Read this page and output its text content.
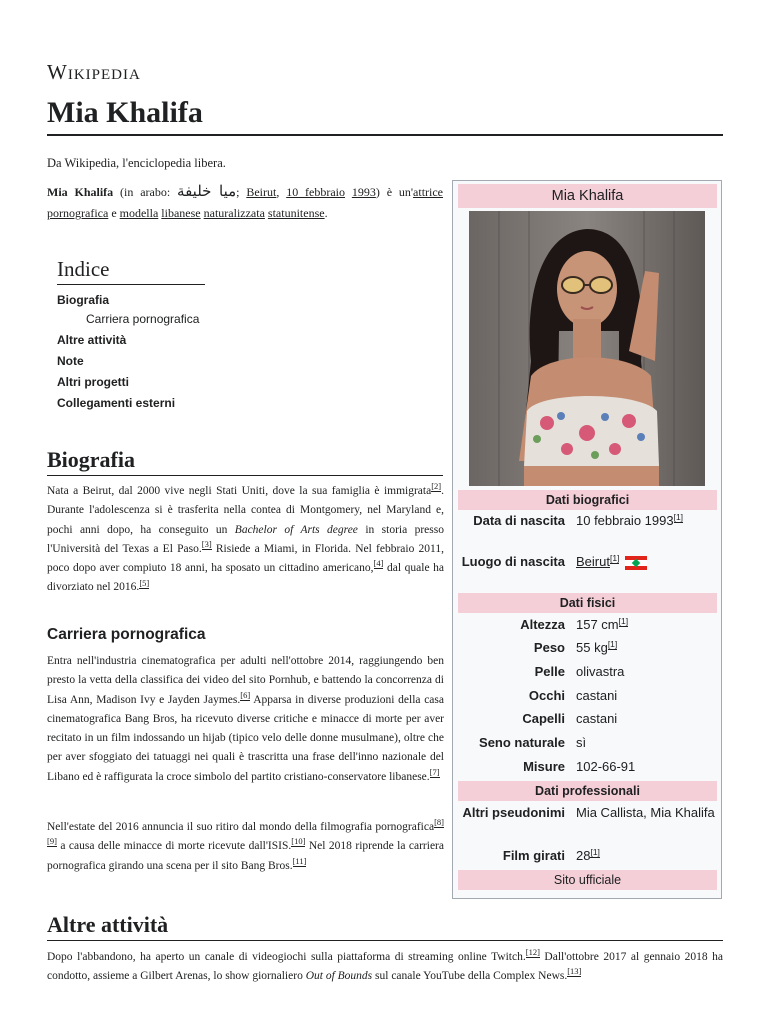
Wikipedia
Mia Khalifa
Da Wikipedia, l'enciclopedia libera.
Mia Khalifa (in arabo: ميا خليفة; Beirut, 10 febbraio 1993) è un'attrice pornografica e modella libanese naturalizzata statunitense.
Indice
Biografia
Carriera pornografica
Altre attività
Note
Altri progetti
Collegamenti esterni
Biografia
Nata a Beirut, dal 2000 vive negli Stati Uniti, dove la sua famiglia è immigrata[2]. Durante l'adolescenza si è trasferita nella contea di Montgomery, nel Maryland e, pochi anni dopo, ha conseguito un Bachelor of Arts degree in storia presso l'Università del Texas a El Paso.[3] Risiede a Miami, in Florida. Nel febbraio 2011, poco dopo aver compiuto 18 anni, ha sposato un cittadino americano,[4] dal quale ha divorziato nel 2016.[5]
Carriera pornografica
Entra nell'industria cinematografica per adulti nell'ottobre 2014, raggiungendo ben presto la vetta della classifica dei video del sito Pornhub, e battendo la concorrenza di Lisa Ann, Madison Ivy e Jayden Jaymes.[6] Apparsa in diverse produzioni della casa cinematografica Bang Bros, ha ricevuto diverse critiche e minacce di morte per aver recitato in un film indossando un hijab (tipico velo delle donne musulmane), oltre che per aver sfoggiato dei tatuaggi nei quali è trascritta una frase dell'inno nazionale del Libano ed è raffigurata la croce simbolo del partito cristiano-conservatore libanese.[7]
Nell'estate del 2016 annuncia il suo ritiro dal mondo della filmografia pornografica[8][9] a causa delle minacce di morte ricevute dall'ISIS.[10] Nel 2018 riprende la carriera pornografica girando una scena per il sito Bang Bros.[11]
Altre attività
Dopo l'abbandono, ha aperto un canale di videogiochi sulla piattaforma di streaming online Twitch.[12] Dall'ottobre 2017 al gennaio 2018 ha condotto, assieme a Gilbert Arenas, lo show giornaliero Out of Bounds sul canale YouTube della Complex News.[13]
Mia Khalifa
Dati biografici
Data di nascita 10 febbraio 1993[1]
Luogo di nascita Beirut[1]
Dati fisici
Altezza 157 cm[1]
Peso 55 kg[1]
Pelle olivastra
Occhi castani
Capelli castani
Seno naturale sì
Misure 102-66-91
Dati professionali
Altri pseudonimi Mia Callista, Mia Khalifa
Film girati 28[1]
Sito ufficiale
